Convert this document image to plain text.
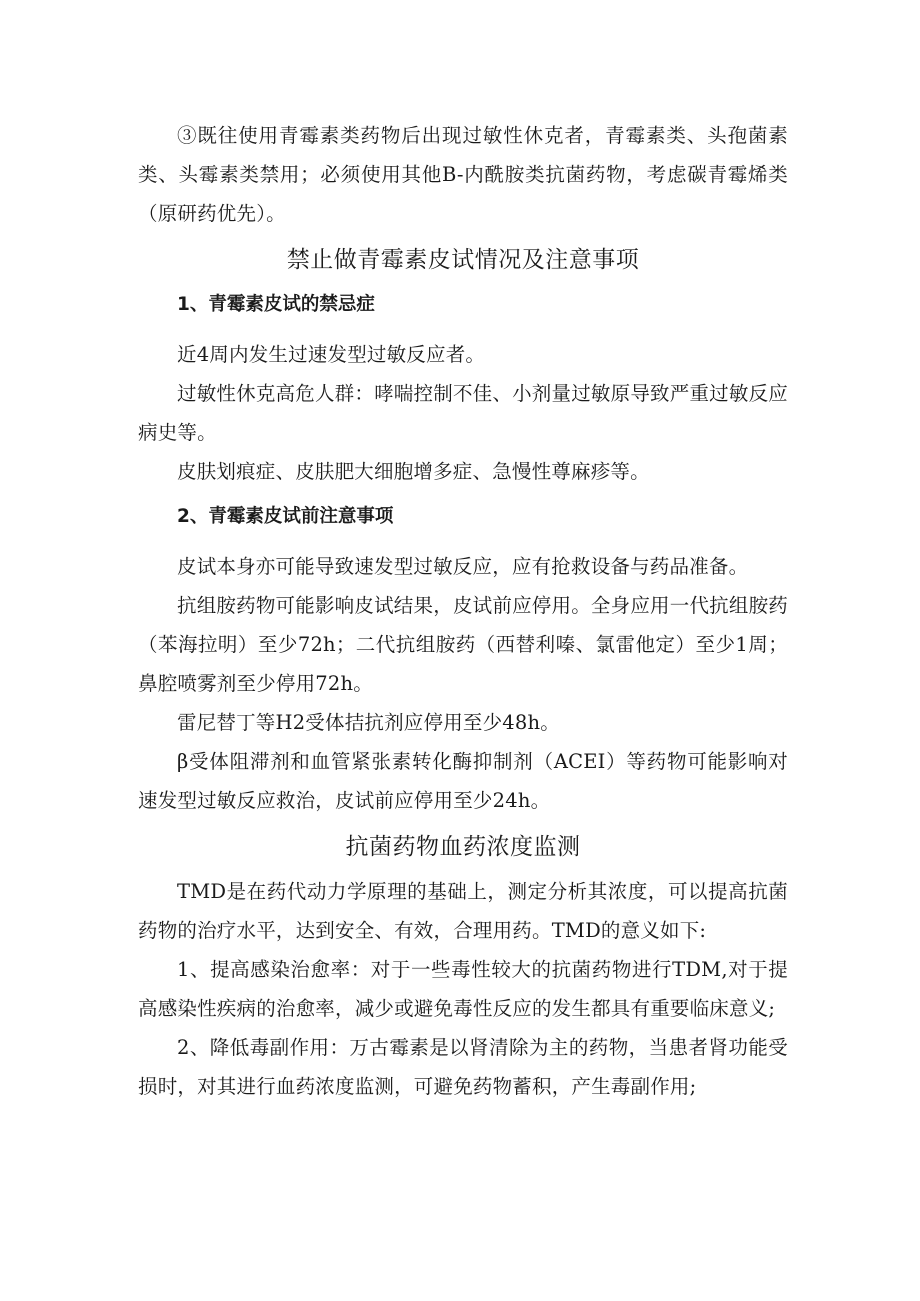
③既往使用青霉素类药物后出现过敏性休克者，青霉素类、头孢菌素类、头霉素类禁用；必须使用其他B-内酰胺类抗菌药物，考虑碳青霉烯类（原研药优先）。

禁止做青霉素皮试情况及注意事项
1、青霉素皮试的禁忌症

近4周内发生过速发型过敏反应者。

过敏性休克高危人群：哮喘控制不佳、小剂量过敏原导致严重过敏反应病史等。

皮肤划痕症、皮肤肥大细胞增多症、急慢性尊麻疹等。

2、青霉素皮试前注意事项

皮试本身亦可能导致速发型过敏反应，应有抢救设备与药品准备。

抗组胺药物可能影响皮试结果，皮试前应停用。全身应用一代抗组胺药（苯海拉明）至少72h；二代抗组胺药（西替利嗪、氯雷他定）至少1周；鼻腔喷雾剂至少停用72h。

雷尼替丁等H2受体拮抗剂应停用至少48h。

β受体阻滞剂和血管紧张素转化酶抑制剂（ACEI）等药物可能影响对速发型过敏反应救治，皮试前应停用至少24h。

抗菌药物血药浓度监测

TMD是在药代动力学原理的基础上，测定分析其浓度，可以提高抗菌药物的治疗水平，达到安全、有效，合理用药。TMD的意义如下:

1、提高感染治愈率：对于一些毒性较大的抗菌药物进行TDM,对于提高感染性疾病的治愈率，减少或避免毒性反应的发生都具有重要临床意义;

2、降低毒副作用：万古霉素是以肾清除为主的药物，当患者肾功能受损时，对其进行血药浓度监测，可避免药物蓄积，产生毒副作用;
